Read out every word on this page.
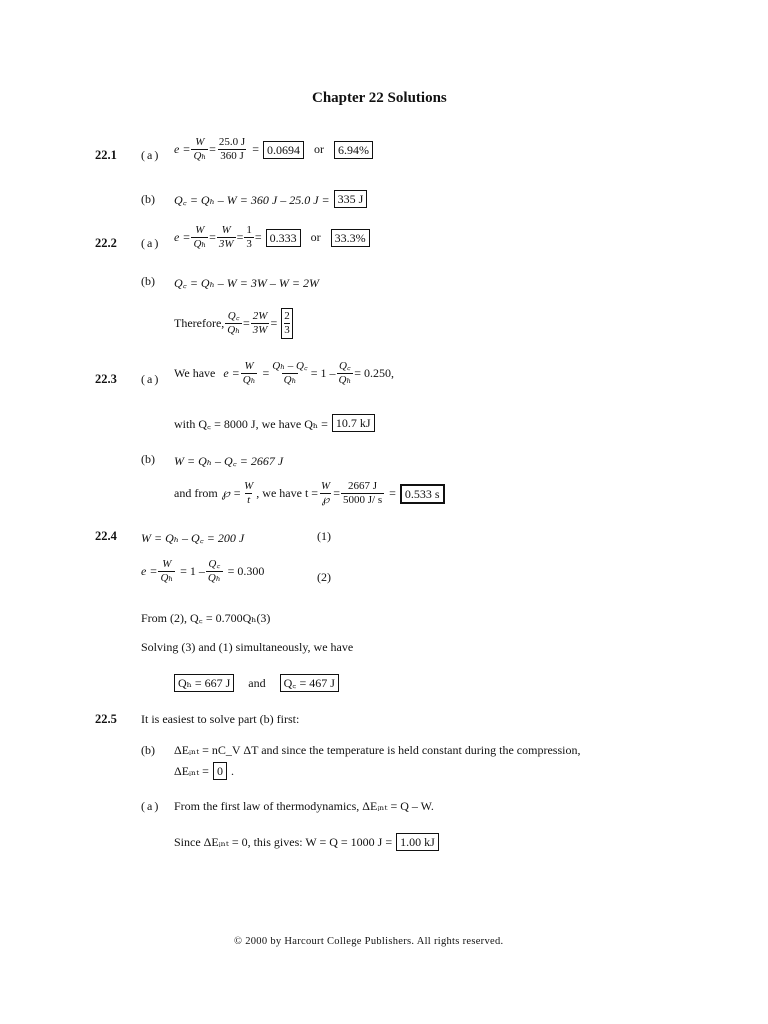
Chapter 22 Solutions
22.1 (a) $e = \frac{W}{\text{Qₕ}} = \frac{25.0 J}{360 J} = 0.0694$	or	6.94%
(b) Q꜀ = Qₕ – W = 360 J – 25.0 J = 335 J
22.2 (a) $e = \frac{W}{\text{Qₕ}} = \frac{W}{3W} = \frac{1}{3} = 0.333$	or	33.3%
(b) Q꜀ = Qₕ – W = 3W – W = 2W
Therefore, $\frac{Q꜀}{\text{Qₕ}} = \frac{2W}{3W} = 2$
3
22.3 (a) We have $e = \frac{W}{\text{Qₕ}} = \frac{\text{Qₕ – Q꜀}}{\text{Qₕ}} = 1 - \frac{Q꜀}{\text{Qₕ}} = 0.250$,
with Q꜀ = 8000 J, we have Qₕ = 10.7 kJ
(b) W = Qₕ – Q꜀ = 2667 J
and from ℘ = $\frac{W}{t}$ , we have $t = \frac{W}{℘} = \frac{2667 J}{5000 J/ s} = 0.533$ s
22.4 W = Qₕ – Q꜀ = 200 J	(1)
$e = \frac{W}{\text{Qₕ}} = 1 - \frac{Q꜀}{\text{Qₕ}} = 0.300$	(2)
From (2), Q꜀ = 0.700Qₕ(3)
Solving (3) and (1) simultaneously, we have
Qₕ = 667 J	and	Q꜀ = 467 J
22.5 It is easiest to solve part (b) first:
(b) ΔEᵢₙₜ = nC_V ΔT and since the temperature is held constant during the compression,
ΔEᵢₙₜ = 0 .
(a) From the first law of thermodynamics, ΔEᵢₙₜ = Q – W.
Since ΔEᵢₙₜ = 0, this gives: W = Q = 1000 J = 1.00 kJ
© 2000 by Harcourt College Publishers. All rights reserved.
